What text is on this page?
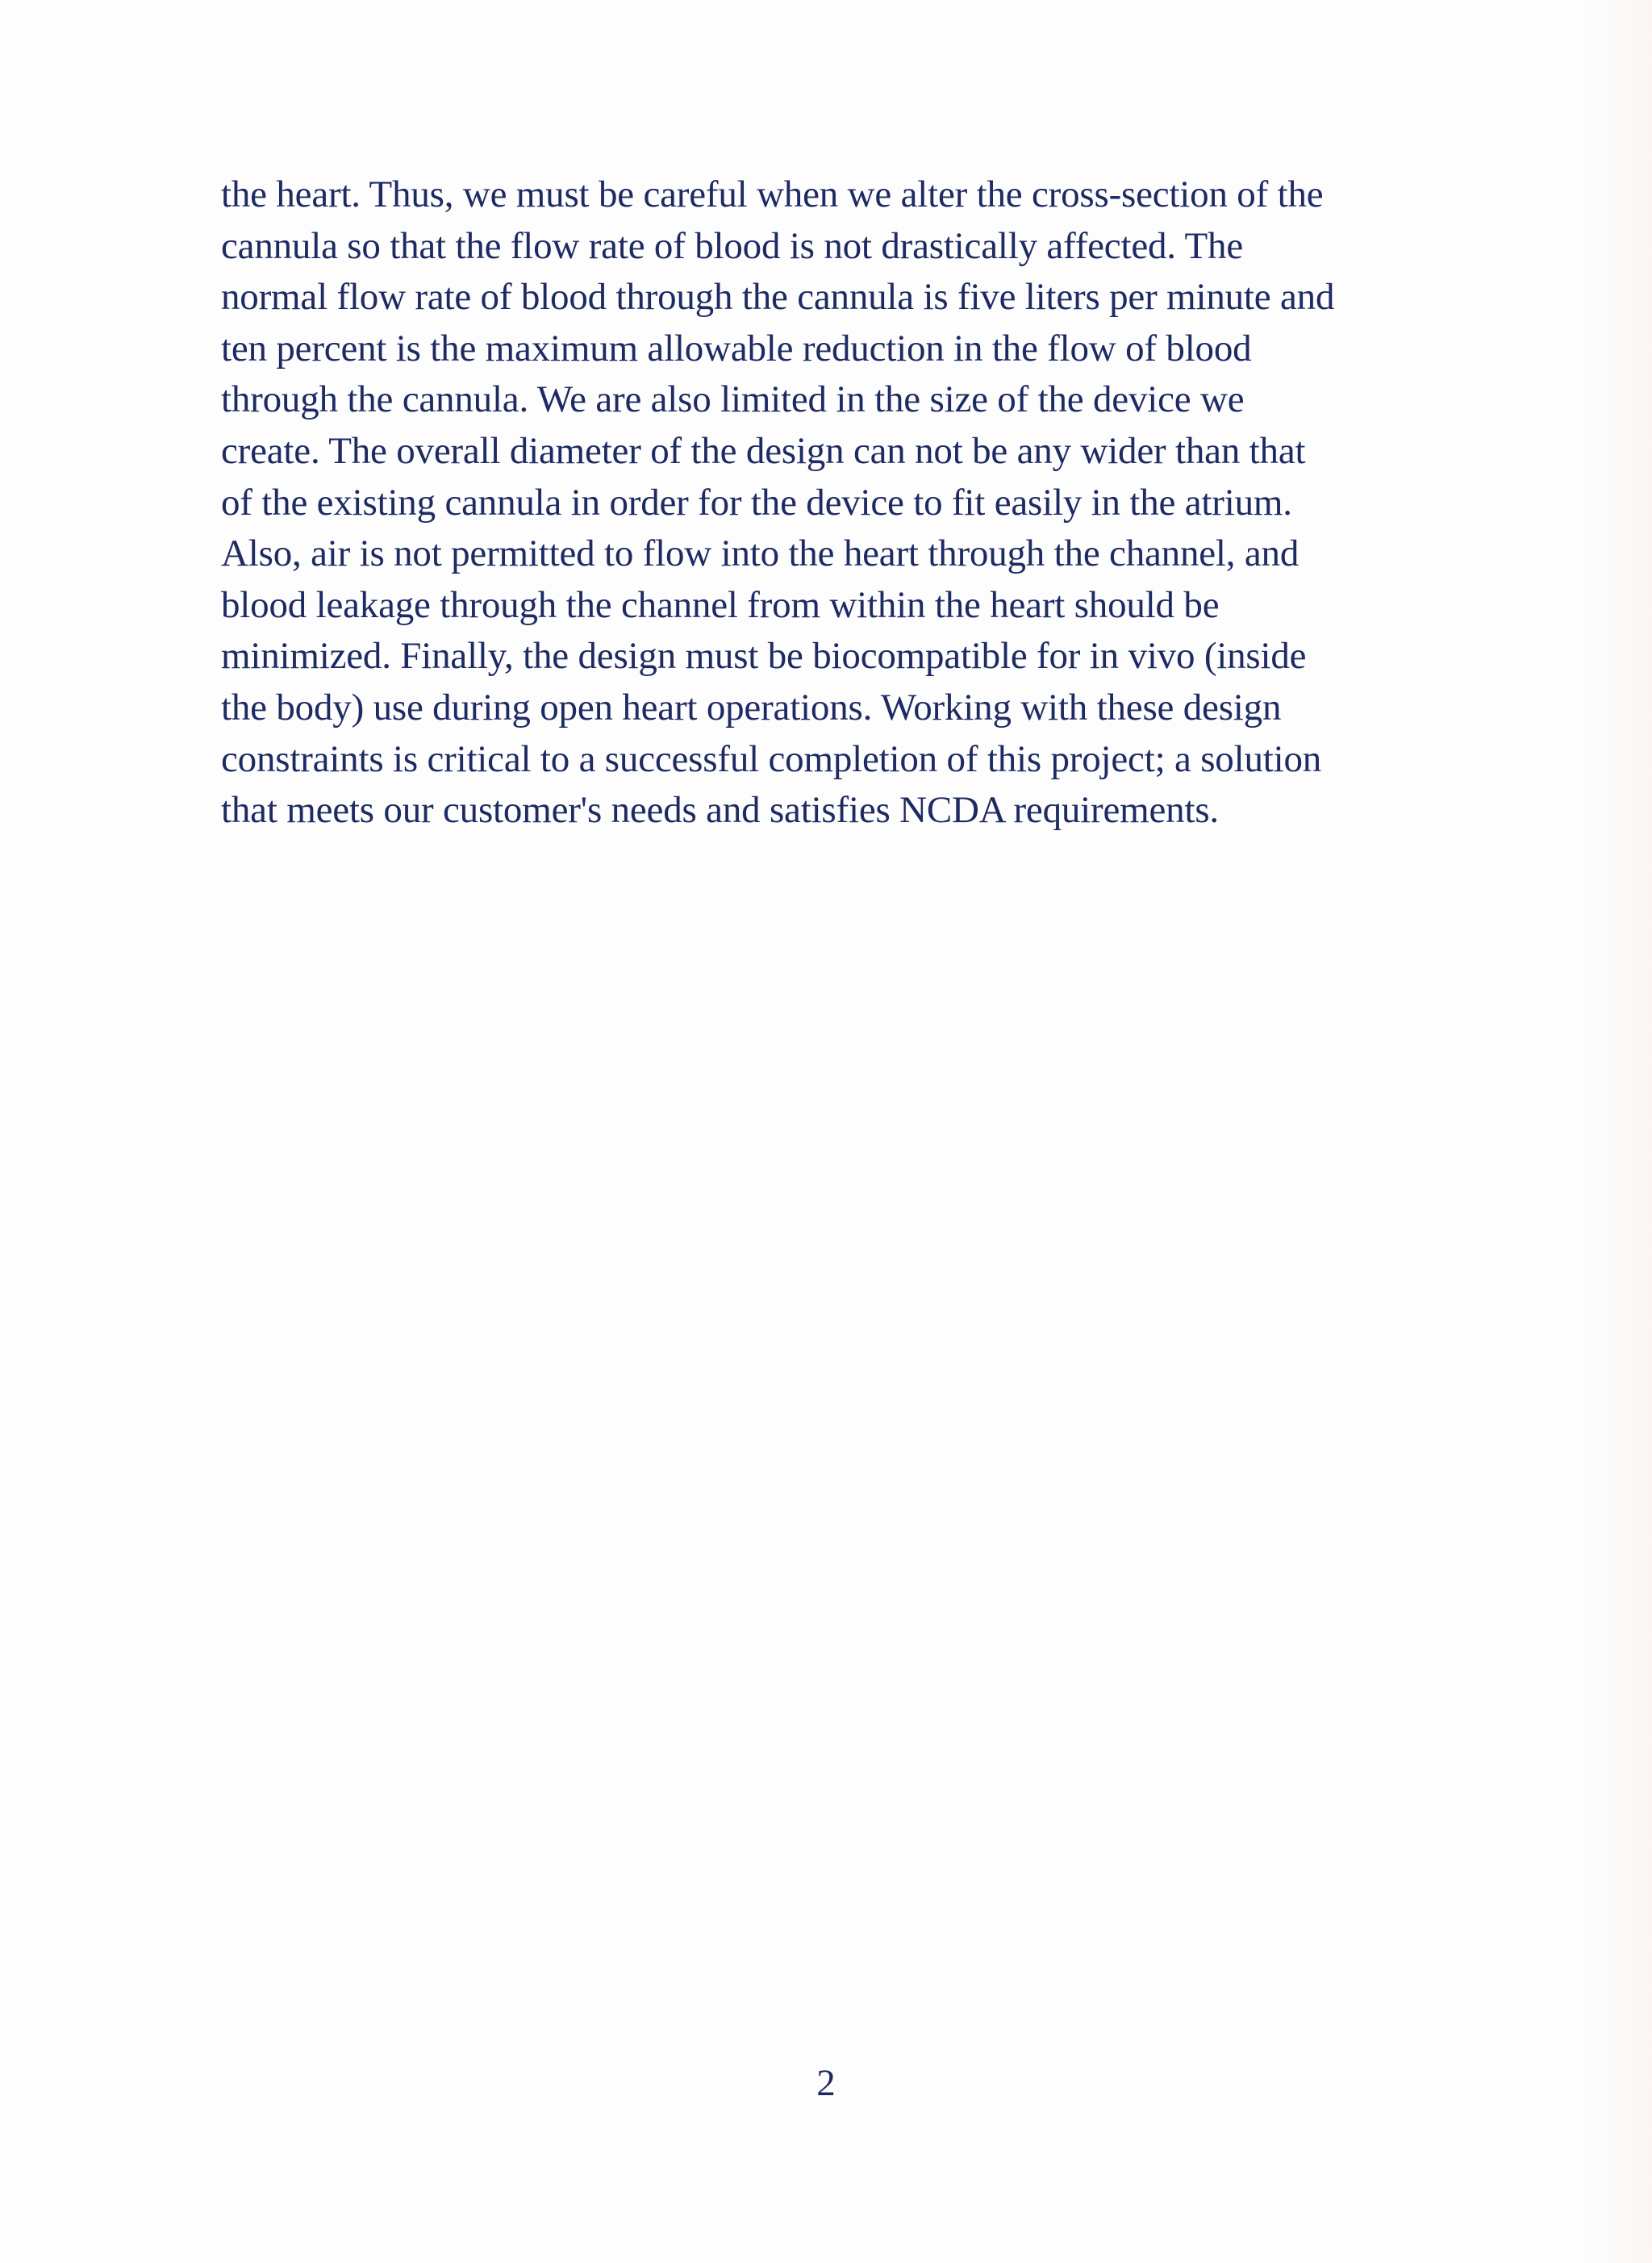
the heart. Thus, we must be careful when we alter the cross-section of the
cannula so that the flow rate of blood is not drastically affected. The
normal flow rate of blood through the cannula is five liters per minute and
ten percent is the maximum allowable reduction in the flow of blood
through the cannula. We are also limited in the size of the device we
create. The overall diameter of the design can not be any wider than that
of the existing cannula in order for the device to fit easily in the atrium.
Also, air is not permitted to flow into the heart through the channel, and
blood leakage through the channel from within the heart should be
minimized. Finally, the design must be biocompatible for in vivo (inside
the body) use during open heart operations. Working with these design
constraints is critical to a successful completion of this project; a solution
that meets our customer's needs and satisfies NCDA requirements.

2
